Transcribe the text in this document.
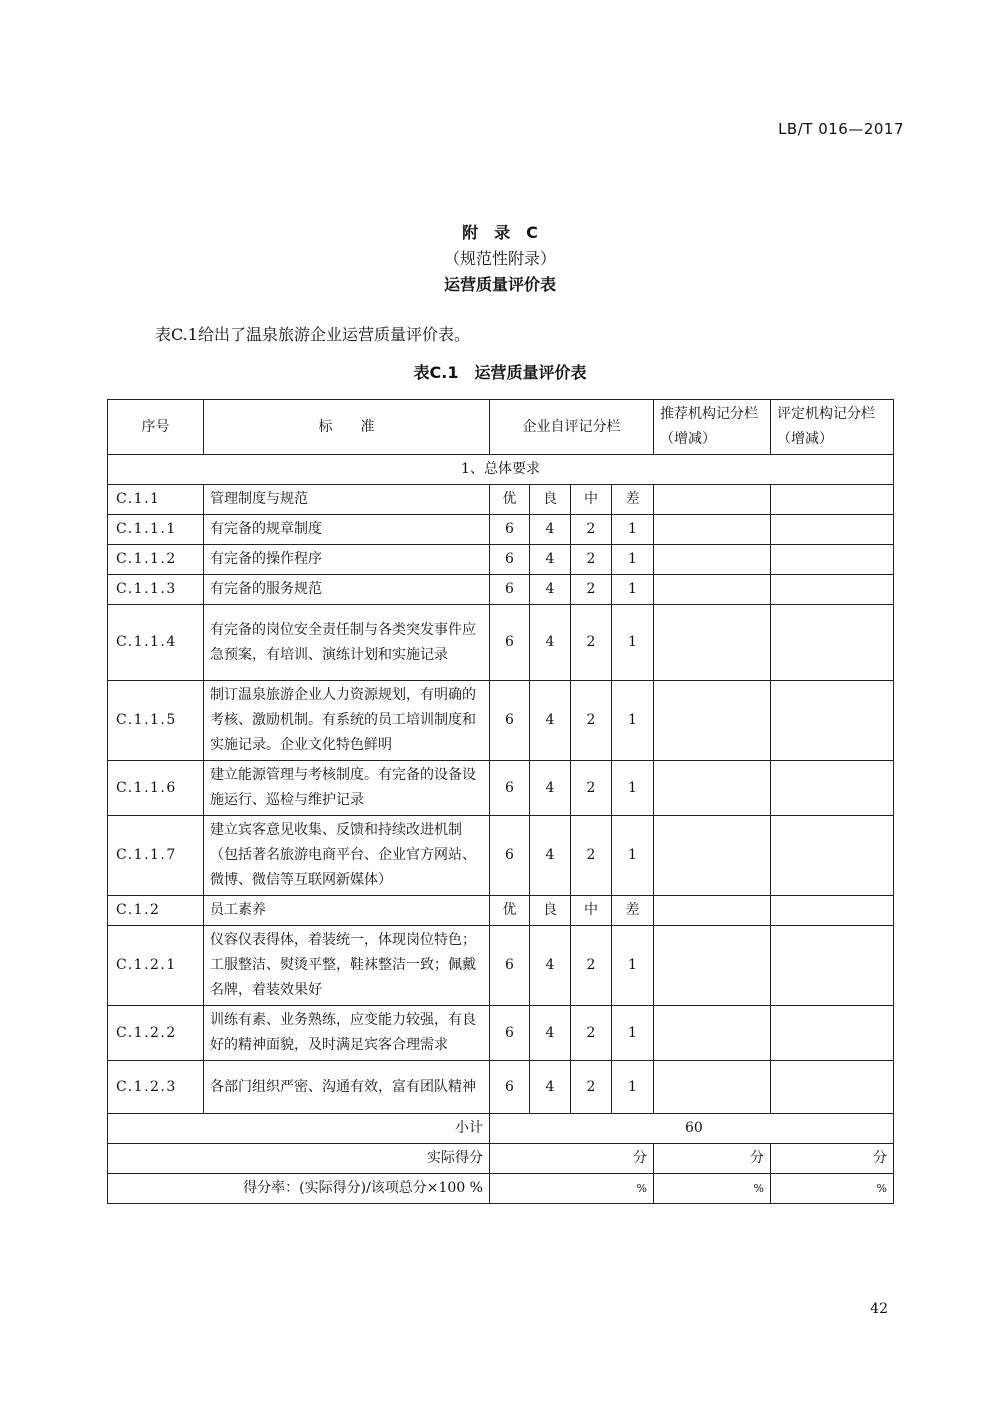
LB/T 016—2017
附　录　C
（规范性附录）
运营质量评价表
表C.1给出了温泉旅游企业运营质量评价表。
表C.1 运营质量评价表
序号	标　　准	企业自评记分栏				推荐机构记分栏（增减）	评定机构记分栏（增减）
1、总体要求							
C.1.1	管理制度与规范	优	良	中	差		
C.1.1.1	有完备的规章制度	6	4	2	1		
C.1.1.2	有完备的操作程序	6	4	2	1		
C.1.1.3	有完备的服务规范	6	4	2	1		
C.1.1.4	有完备的岗位安全责任制与各类突发事件应急预案，有培训、演练计划和实施记录	6	4	2	1		
C.1.1.5	制订温泉旅游企业人力资源规划，有明确的考核、激励机制。有系统的员工培训制度和实施记录。企业文化特色鲜明	6	4	2	1		
C.1.1.6	建立能源管理与考核制度。有完备的设备设施运行、巡检与维护记录	6	4	2	1		
C.1.1.7	建立宾客意见收集、反馈和持续改进机制（包括著名旅游电商平台、企业官方网站、微博、微信等互联网新媒体）	6	4	2	1		
C.1.2	员工素养	优	良	中	差		
C.1.2.1	仪容仪表得体，着装统一，体现岗位特色；工服整洁、熨烫平整，鞋袜整洁一致；佩戴名牌，着装效果好	6	4	2	1		
C.1.2.2	训练有素、业务熟练，应变能力较强，有良好的精神面貌，及时满足宾客合理需求	6	4	2	1		
C.1.2.3	各部门组织严密、沟通有效，富有团队精神	6	4	2	1		
小计		60					
实际得分		分				分	分
得分率：(实际得分)/该项总分×100 %		%				%	%
42
